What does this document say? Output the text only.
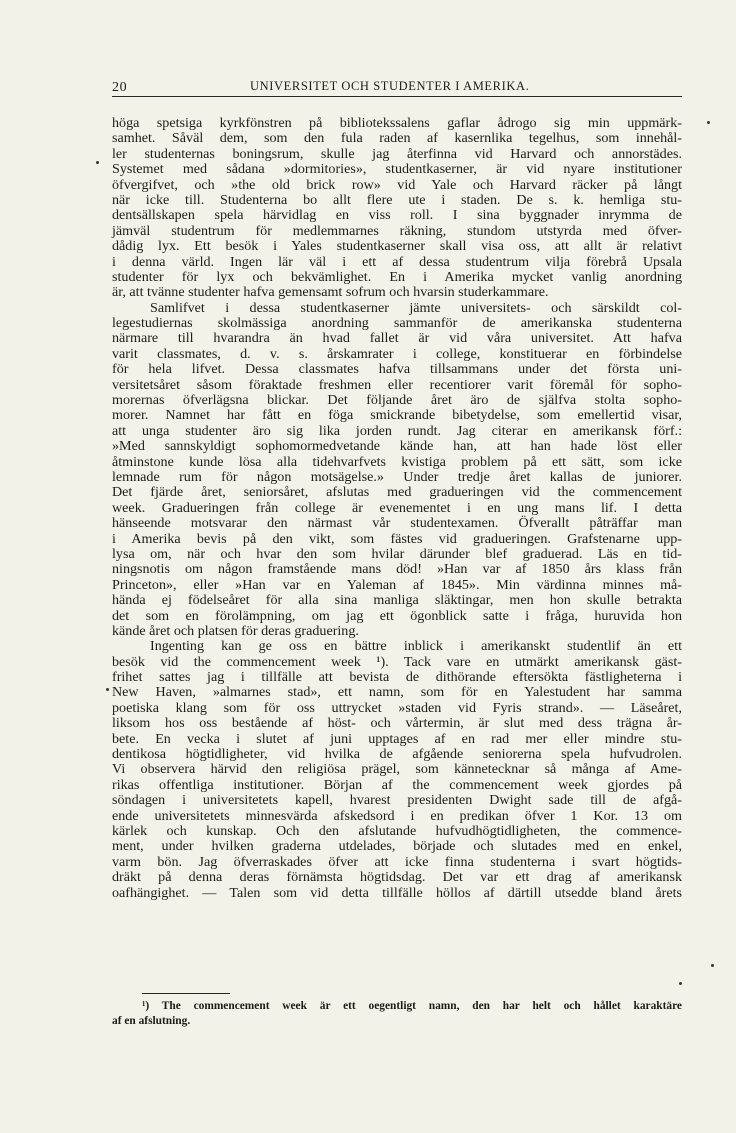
20	UNIVERSITET OCH STUDENTER I AMERIKA.
höga spetsiga kyrkfönstren på bibliotekssalens gaflar ådrogo sig min uppmärk-
samhet. Såväl dem, som den fula raden af kasernlika tegelhus, som innehål-
ler studenternas boningsrum, skulle jag återfinna vid Harvard och annorstädes.
Systemet med sådana »dormitories», studentkaserner, är vid nyare institutioner
öfvergifvet, och »the old brick row» vid Yale och Harvard räcker på långt
när icke till. Studenterna bo allt flere ute i staden. De s. k. hemliga stu-
dentsällskapen spela härvidlag en viss roll. I sina byggnader inrymma de
jämväl studentrum för medlemmarnes räkning, stundom utstyrda med öfver-
dådig lyx. Ett besök i Yales studentkaserner skall visa oss, att allt är relativt
i denna värld. Ingen lär väl i ett af dessa studentrum vilja förebrå Upsala
studenter för lyx och bekvämlighet. En i Amerika mycket vanlig anordning
är, att tvänne studenter hafva gemensamt sofrum och hvarsin studerkammare.
Samlifvet i dessa studentkaserner jämte universitets- och särskildt col-
legestudiernas skolmässiga anordning sammanför de amerikanska studenterna
närmare till hvarandra än hvad fallet är vid våra universitet. Att hafva
varit classmates, d. v. s. årskamrater i college, konstituerar en förbindelse
för hela lifvet. Dessa classmates hafva tillsammans under det första uni-
versitetsåret såsom föraktade freshmen eller recentiorer varit föremål för sopho-
morernas öfverlägsna blickar. Det följande året äro de själfva stolta sopho-
morer. Namnet har fått en föga smickrande bibetydelse, som emellertid visar,
att unga studenter äro sig lika jorden rundt. Jag citerar en amerikansk förf.:
»Med sannskyldigt sophomormedvetande kände han, att han hade löst eller
åtminstone kunde lösa alla tidehvarfvets kvistiga problem på ett sätt, som icke
lemnade rum för någon motsägelse.» Under tredje året kallas de juniorer.
Det fjärde året, seniorsåret, afslutas med gradueringen vid the commencement
week. Gradueringen från college är evenementet i en ung mans lif. I detta
hänseende motsvarar den närmast vår studentexamen. Öfverallt påträffar man
i Amerika bevis på den vikt, som fästes vid gradueringen. Grafstenarne upp-
lysa om, när och hvar den som hvilar därunder blef graduerad. Läs en tid-
ningsnotis om någon framstående mans död! »Han var af 1850 års klass från
Princeton», eller »Han var en Yaleman af 1845». Min värdinna minnes må-
hända ej födelseåret för alla sina manliga släktingar, men hon skulle betrakta
det som en förolämpning, om jag ett ögonblick satte i fråga, huruvida hon
kände året och platsen för deras graduering.
Ingenting kan ge oss en bättre inblick i amerikanskt studentlif än ett
besök vid the commencement week ¹). Tack vare en utmärkt amerikansk gäst-
frihet sattes jag i tillfälle att bevista de dithörande eftersökta fästligheterna i
New Haven, »almarnes stad», ett namn, som för en Yalestudent har samma
poetiska klang som för oss uttrycket »staden vid Fyris strand». — Läseåret,
liksom hos oss bestående af höst- och vårtermin, är slut med dess trägna år-
bete. En vecka i slutet af juni upptages af en rad mer eller mindre stu-
dentikosa högtidligheter, vid hvilka de afgående seniorerna spela hufvudrolen.
Vi observera härvid den religiösa prägel, som kännetecknar så många af Ame-
rikas offentliga institutioner. Början af the commencement week gjordes på
söndagen i universitetets kapell, hvarest presidenten Dwight sade till de afgå-
ende universitetets minnesvärda afskedsord i en predikan öfver 1 Kor. 13 om
kärlek och kunskap. Och den afslutande hufvudhögtidligheten, the commence-
ment, under hvilken graderna utdelades, började och slutades med en enkel,
varm bön. Jag öfverraskades öfver att icke finna studenterna i svart högtids-
dräkt på denna deras förnämsta högtidsdag. Det var ett drag af amerikansk
oafhängighet. — Talen som vid detta tillfälle höllos af därtill utsedde bland årets
¹) The commencement week är ett oegentligt namn, den har helt och hållet karaktäre
af en afslutning.
